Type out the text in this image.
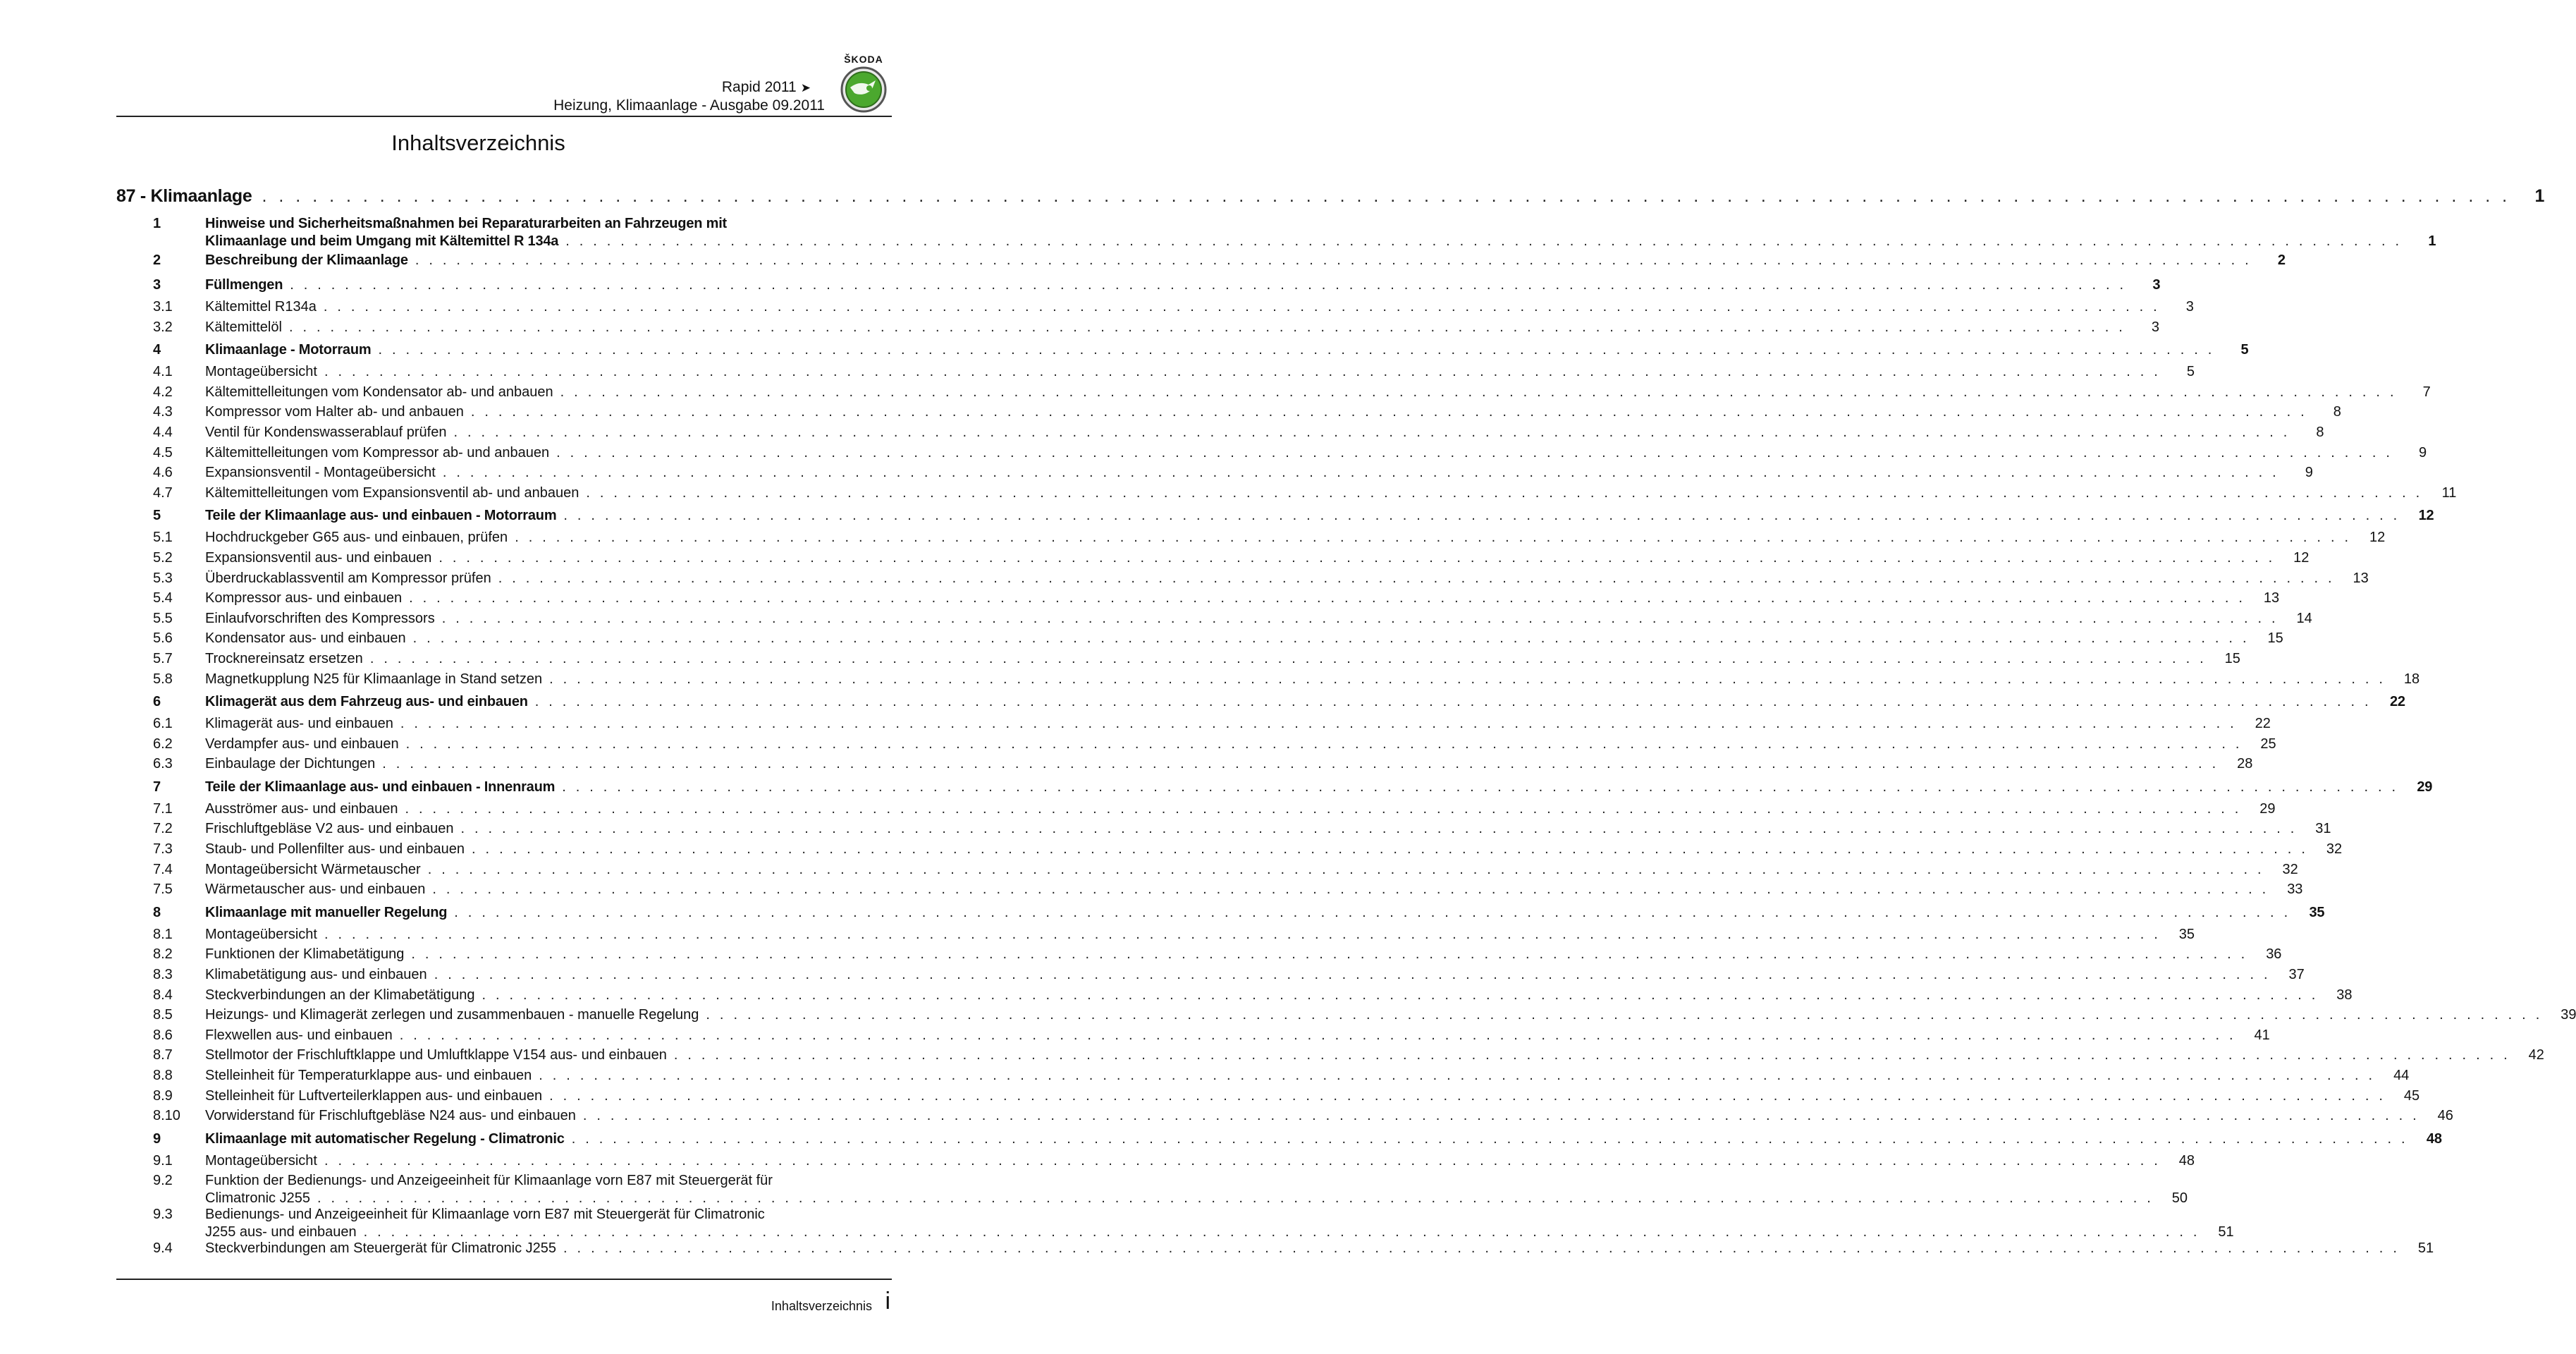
Rapid 2011 ➤
Heizung, Klimaanlage - Ausgabe 09.2011
ŠKODA
Inhaltsverzeichnis
87 - Klimaanlage . . .	1
1	Hinweise und Sicherheitsmaßnahmen bei Reparaturarbeiten an Fahrzeugen mit
Klimaanlage und beim Umgang mit Kältemittel R 134a . . .	1
2	Beschreibung der Klimaanlage . . .	2
3	Füllmengen . . .	3
3.1	Kältemittel R134a . . .	3
3.2	Kältemittelöl . . .	3
4	Klimaanlage - Motorraum . . .	5
4.1	Montageübersicht . . .	5
4.2	Kältemittelleitungen vom Kondensator ab- und anbauen . . .	7
4.3	Kompressor vom Halter ab- und anbauen . . .	8
4.4	Ventil für Kondenswasserablauf prüfen . . .	8
4.5	Kältemittelleitungen vom Kompressor ab- und anbauen . . .	9
4.6	Expansionsventil - Montageübersicht . . .	9
4.7	Kältemittelleitungen vom Expansionsventil ab- und anbauen . . .	11
5	Teile der Klimaanlage aus- und einbauen - Motorraum . . .	12
5.1	Hochdruckgeber G65 aus- und einbauen, prüfen . . .	12
5.2	Expansionsventil aus- und einbauen . . .	12
5.3	Überdruckablassventil am Kompressor prüfen . . .	13
5.4	Kompressor aus- und einbauen . . .	13
5.5	Einlaufvorschriften des Kompressors . . .	14
5.6	Kondensator aus- und einbauen . . .	15
5.7	Trocknereinsatz ersetzen . . .	15
5.8	Magnetkupplung N25 für Klimaanlage in Stand setzen . . .	18
6	Klimagerät aus dem Fahrzeug aus- und einbauen . . .	22
6.1	Klimagerät aus- und einbauen . . .	22
6.2	Verdampfer aus- und einbauen . . .	25
6.3	Einbaulage der Dichtungen . . .	28
7	Teile der Klimaanlage aus- und einbauen - Innenraum . . .	29
7.1	Ausströmer aus- und einbauen . . .	29
7.2	Frischluftgebläse V2 aus- und einbauen . . .	31
7.3	Staub- und Pollenfilter aus- und einbauen . . .	32
7.4	Montageübersicht Wärmetauscher . . .	32
7.5	Wärmetauscher aus- und einbauen . . .	33
8	Klimaanlage mit manueller Regelung . . .	35
8.1	Montageübersicht . . .	35
8.2	Funktionen der Klimabetätigung . . .	36
8.3	Klimabetätigung aus- und einbauen . . .	37
8.4	Steckverbindungen an der Klimabetätigung . . .	38
8.5	Heizungs- und Klimagerät zerlegen und zusammenbauen - manuelle Regelung . . .	39
8.6	Flexwellen aus- und einbauen . . .	41
8.7	Stellmotor der Frischluftklappe und Umluftklappe V154 aus- und einbauen . . .	42
8.8	Stelleinheit für Temperaturklappe aus- und einbauen . . .	44
8.9	Stelleinheit für Luftverteilerklappen aus- und einbauen . . .	45
8.10	Vorwiderstand für Frischluftgebläse N24 aus- und einbauen . . .	46
9	Klimaanlage mit automatischer Regelung - Climatronic . . .	48
9.1	Montageübersicht . . .	48
9.2	Funktion der Bedienungs- und Anzeigeeinheit für Klimaanlage vorn E87 mit Steuergerät für
Climatronic J255 . . .	50
9.3	Bedienungs- und Anzeigeeinheit für Klimaanlage vorn E87 mit Steuergerät für Climatronic
J255 aus- und einbauen . . .	51
9.4	Steckverbindungen am Steuergerät für Climatronic J255 . . .	51
Inhaltsverzeichnis i
